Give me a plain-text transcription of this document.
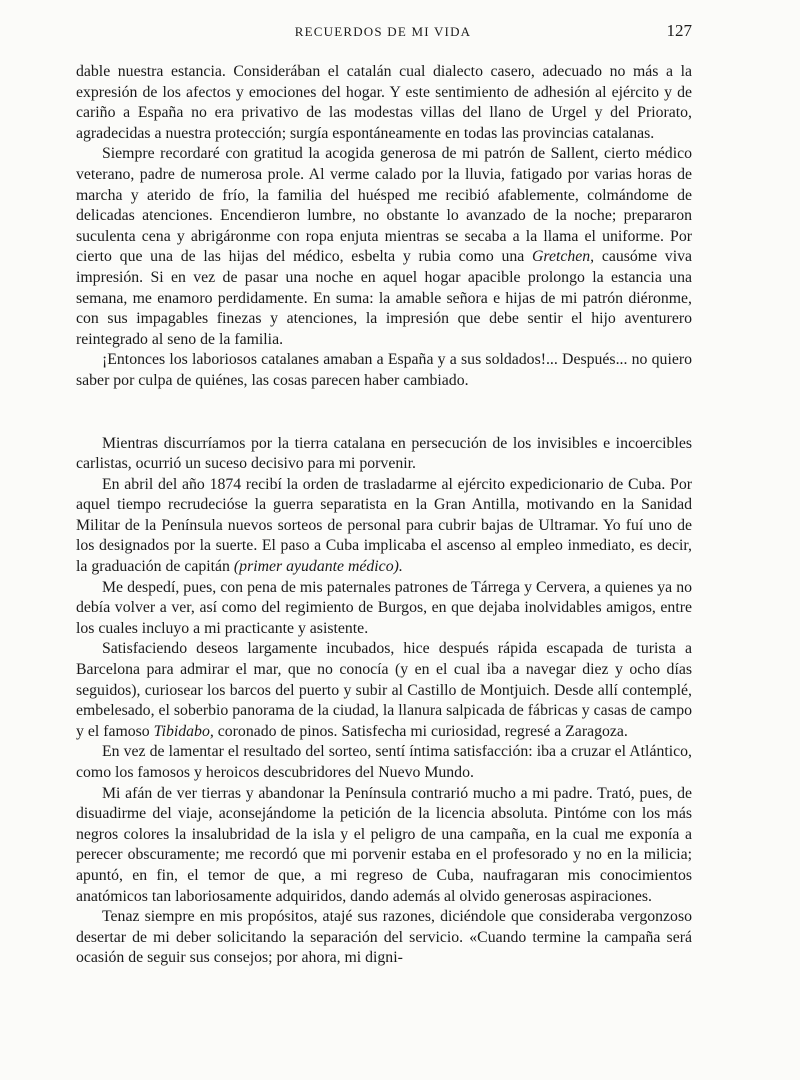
RECUERDOS DE MI VIDA	127

dable nuestra estancia. Considerában el catalán cual dialecto casero, adecuado no más a la expresión de los afectos y emociones del hogar. Y este sentimiento de adhesión al ejército y de cariño a España no era privativo de las modestas villas del llano de Urgel y del Priorato, agradecidas a nuestra protección; surgía espontáneamente en todas las provincias catalanas.

Siempre recordaré con gratitud la acogida generosa de mi patrón de Sallent, cierto médico veterano, padre de numerosa prole. Al verme calado por la lluvia, fatigado por varias horas de marcha y aterido de frío, la familia del huésped me recibió afablemente, colmándome de delicadas atenciones. Encendieron lumbre, no obstante lo avanzado de la noche; prepararon suculenta cena y abrigáronme con ropa enjuta mientras se secaba a la llama el uniforme. Por cierto que una de las hijas del médico, esbelta y rubia como una Gretchen, causóme viva impresión. Si en vez de pasar una noche en aquel hogar apacible prolongo la estancia una semana, me enamoro perdidamente. En suma: la amable señora e hijas de mi patrón diéronme, con sus impagables finezas y atenciones, la impresión que debe sentir el hijo aventurero reintegrado al seno de la familia.

¡Entonces los laboriosos catalanes amaban a España y a sus soldados!... Después... no quiero saber por culpa de quiénes, las cosas parecen haber cambiado.

Mientras discurríamos por la tierra catalana en persecución de los invisibles e incoercibles carlistas, ocurrió un suceso decisivo para mi porvenir.

En abril del año 1874 recibí la orden de trasladarme al ejército expedicionario de Cuba. Por aquel tiempo recrudecióse la guerra separatista en la Gran Antilla, motivando en la Sanidad Militar de la Península nuevos sorteos de personal para cubrir bajas de Ultramar. Yo fuí uno de los designados por la suerte. El paso a Cuba implicaba el ascenso al empleo inmediato, es decir, la graduación de capitán (primer ayudante médico).

Me despedí, pues, con pena de mis paternales patrones de Tárrega y Cervera, a quienes ya no debía volver a ver, así como del regimiento de Burgos, en que dejaba inolvidables amigos, entre los cuales incluyo a mi practicante y asistente.

Satisfaciendo deseos largamente incubados, hice después rápida escapada de turista a Barcelona para admirar el mar, que no conocía (y en el cual iba a navegar diez y ocho días seguidos), curiosear los barcos del puerto y subir al Castillo de Montjuich. Desde allí contemplé, embelesado, el soberbio panorama de la ciudad, la llanura salpicada de fábricas y casas de campo y el famoso Tibidabo, coronado de pinos. Satisfecha mi curiosidad, regresé a Zaragoza.

En vez de lamentar el resultado del sorteo, sentí íntima satisfacción: iba a cruzar el Atlántico, como los famosos y heroicos descubridores del Nuevo Mundo.

Mi afán de ver tierras y abandonar la Península contrarió mucho a mi padre. Trató, pues, de disuadirme del viaje, aconsejándome la petición de la licencia absoluta. Pintóme con los más negros colores la insalubridad de la isla y el peligro de una campaña, en la cual me exponía a perecer obscuramente; me recordó que mi porvenir estaba en el profesorado y no en la milicia; apuntó, en fin, el temor de que, a mi regreso de Cuba, naufragaran mis conocimientos anatómicos tan laboriosamente adquiridos, dando además al olvido generosas aspiraciones.

Tenaz siempre en mis propósitos, atajé sus razones, diciéndole que consideraba vergonzoso desertar de mi deber solicitando la separación del servicio. «Cuando termine la campaña será ocasión de seguir sus consejos; por ahora, mi digni-
